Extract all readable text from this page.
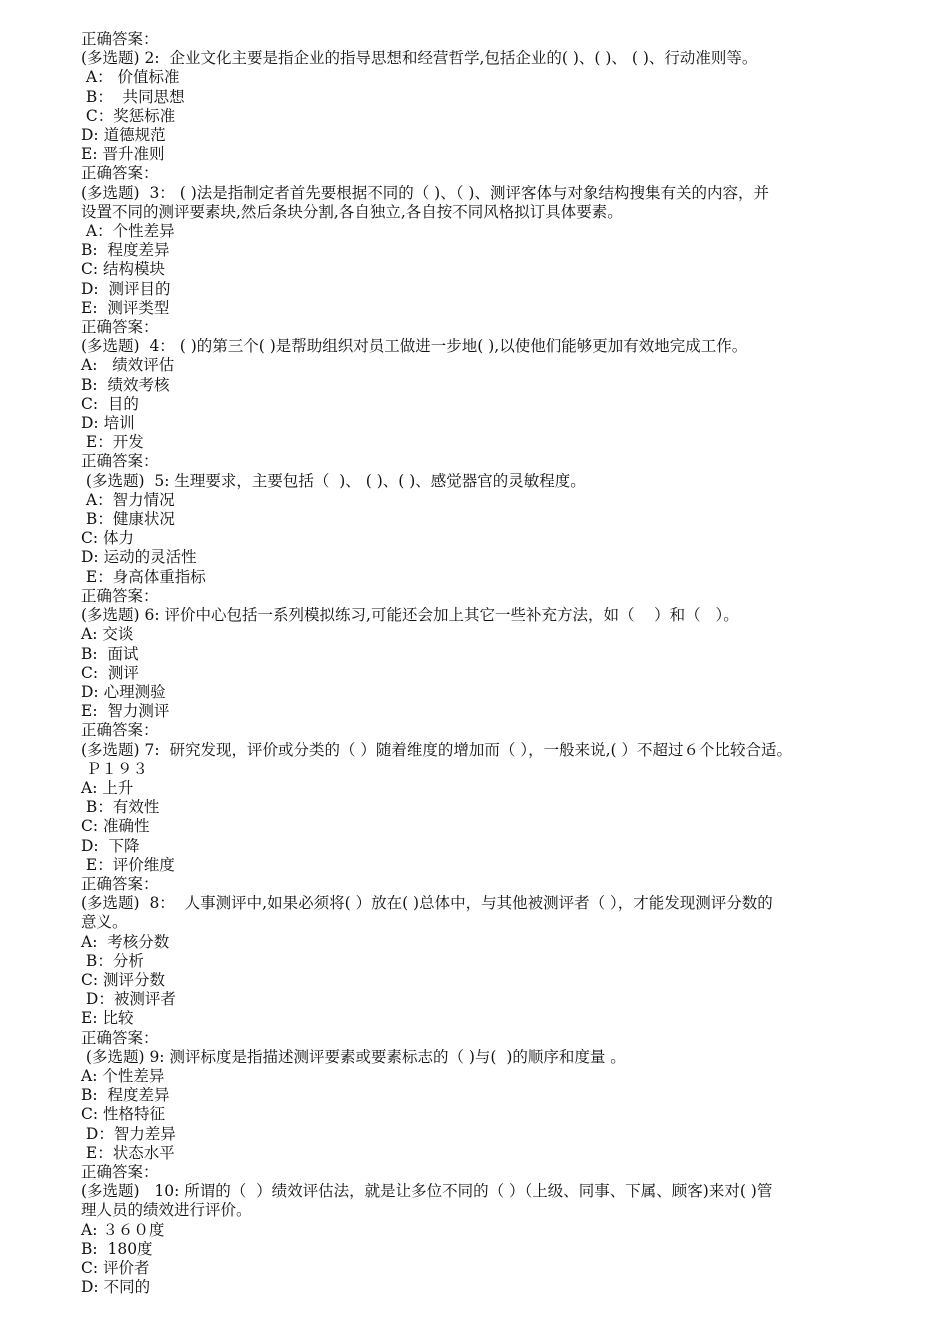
正确答案：
(多选题) 2:  企业文化主要是指企业的指导思想和经营哲学,包括企业的( )、( )、 ( )、行动准则等。
A： 价值标准
B：  共同思想
C：奖惩标准
D: 道德规范
E: 晋升准则
正确答案：
(多选题)  3： ( )法是指制定者首先要根据不同的（ )、（ )、测评客体与对象结构搜集有关的内容，并
设置不同的测评要素块,然后条块分割,各自独立,各自按不同风格拟订具体要素。
A：个性差异
B:  程度差异
C: 结构模块
D:  测评目的
E:  测评类型
正确答案：
(多选题)  4： ( )的第三个( )是帮助组织对员工做进一步地( ),以使他们能够更加有效地完成工作。
A:   绩效评估
B:  绩效考核
C:  目的
D: 培训
E：开发
正确答案：
(多选题)  5: 生理要求，主要包括（  )、 ( )、( )、感觉器官的灵敏程度。
A：智力情况
B：健康状况
C: 体力
D: 运动的灵活性
E：身高体重指标
正确答案：
(多选题) 6: 评价中心包括一系列模拟练习,可能还会加上其它一些补充方法，如（    ）和（   ）。
A: 交谈
B:  面试
C:  测评
D: 心理测验
E:  智力测评
正确答案：
(多选题) 7:  研究发现，评价或分类的（ ）随着维度的增加而（ ），一般来说,( ）不超过６个比较合适。
Ｐ１９３
A: 上升
B：有效性
C: 准确性
D:  下降
E：评价维度
正确答案：
(多选题)  8：  人事测评中,如果必须将( ）放在( )总体中，与其他被测评者（ ），才能发现测评分数的
意义。
A:  考核分数
B：分析
C: 测评分数
D：被测评者
E: 比较
正确答案：
(多选题) 9: 测评标度是指描述测评要素或要素标志的（ )与(  )的顺序和度量 。
A: 个性差异
B:  程度差异
C: 性格特征
D：智力差异
E：状态水平
正确答案：
(多选题)   10: 所谓的（  ）绩效评估法，就是让多位不同的（ ）（上级、同事、下属、顾客)来对( )管
理人员的绩效进行评价。
A: ３６０度
B:  180度
C: 评价者
D: 不同的
